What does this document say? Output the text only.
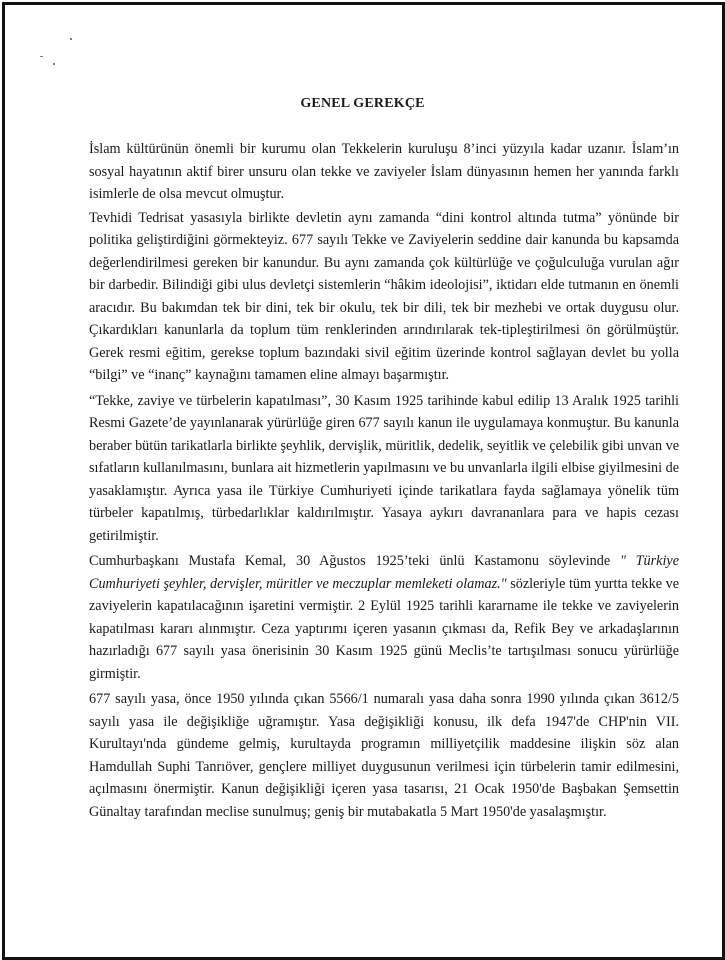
GENEL GEREKÇE

İslam kültürünün önemli bir kurumu olan Tekkelerin kuruluşu 8’inci yüzyıla kadar uzanır. İslam’ın sosyal hayatının aktif birer unsuru olan tekke ve zaviyeler İslam dünyasının hemen her yanında farklı isimlerle de olsa mevcut olmuştur.

Tevhidi Tedrisat yasasıyla birlikte devletin aynı zamanda “dini kontrol altında tutma” yönünde bir politika geliştirdiğini görmekteyiz. 677 sayılı Tekke ve Zaviyelerin seddine dair kanunda bu kapsamda değerlendirilmesi gereken bir kanundur. Bu aynı zamanda çok kültürlüğe ve çoğulculuğa vurulan ağır bir darbedir. Bilindiği gibi ulus devletçi sistemlerin “hâkim ideolojisi”, iktidarı elde tutmanın en önemli aracıdır. Bu bakımdan tek bir dini, tek bir okulu, tek bir dili, tek bir mezhebi ve ortak duygusu olur. Çıkardıkları kanunlarla da toplum tüm renklerinden arındırılarak tek-tipleştirilmesi ön görülmüştür. Gerek resmi eğitim, gerekse toplum bazındaki sivil eğitim üzerinde kontrol sağlayan devlet bu yolla “bilgi” ve “inanç” kaynağını tamamen eline almayı başarmıştır.

“Tekke, zaviye ve türbelerin kapatılması”, 30 Kasım 1925 tarihinde kabul edilip 13 Aralık 1925 tarihli Resmi Gazete’de yayınlanarak yürürlüğe giren 677 sayılı kanun ile uygulamaya konmuştur. Bu kanunla beraber bütün tarikatlarla birlikte şeyhlik, dervişlik, müritlik, dedelik, seyitlik ve çelebilik gibi unvan ve sıfatların kullanılmasını, bunlara ait hizmetlerin yapılmasını ve bu unvanlarla ilgili elbise giyilmesini de yasaklamıştır. Ayrıca yasa ile Türkiye Cumhuriyeti içinde tarikatlara fayda sağlamaya yönelik tüm türbeler kapatılmış, türbedarlıklar kaldırılmıştır. Yasaya aykırı davrananlara para ve hapis cezası getirilmiştir.

Cumhurbaşkanı Mustafa Kemal, 30 Ağustos 1925’teki ünlü Kastamonu söylevinde " Türkiye Cumhuriyeti şeyhler, dervişler, müritler ve meczuplar memleketi olamaz." sözleriyle tüm yurtta tekke ve zaviyelerin kapatılacağının işaretini vermiştir. 2 Eylül 1925 tarihli kararname ile tekke ve zaviyelerin kapatılması kararı alınmıştır. Ceza yaptırımı içeren yasanın çıkması da, Refik Bey ve arkadaşlarının hazırladığı 677 sayılı yasa önerisinin 30 Kasım 1925 günü Meclis’te tartışılması sonucu yürürlüğe girmiştir.

677 sayılı yasa, önce 1950 yılında çıkan 5566/1 numaralı yasa daha sonra 1990 yılında çıkan 3612/5 sayılı yasa ile değişikliğe uğramıştır. Yasa değişikliği konusu, ilk defa 1947'de CHP'nin VII. Kurultayı'nda gündeme gelmiş, kurultayda programın milliyetçilik maddesine ilişkin söz alan Hamdullah Suphi Tanrıöver, gençlere milliyet duygusunun verilmesi için türbelerin tamir edilmesini, açılmasını önermiştir. Kanun değişikliği içeren yasa tasarısı, 21 Ocak 1950'de Başbakan Şemsettin Günaltay tarafından meclise sunulmuş; geniş bir mutabakatla 5 Mart 1950'de yasalaşmıştır.
